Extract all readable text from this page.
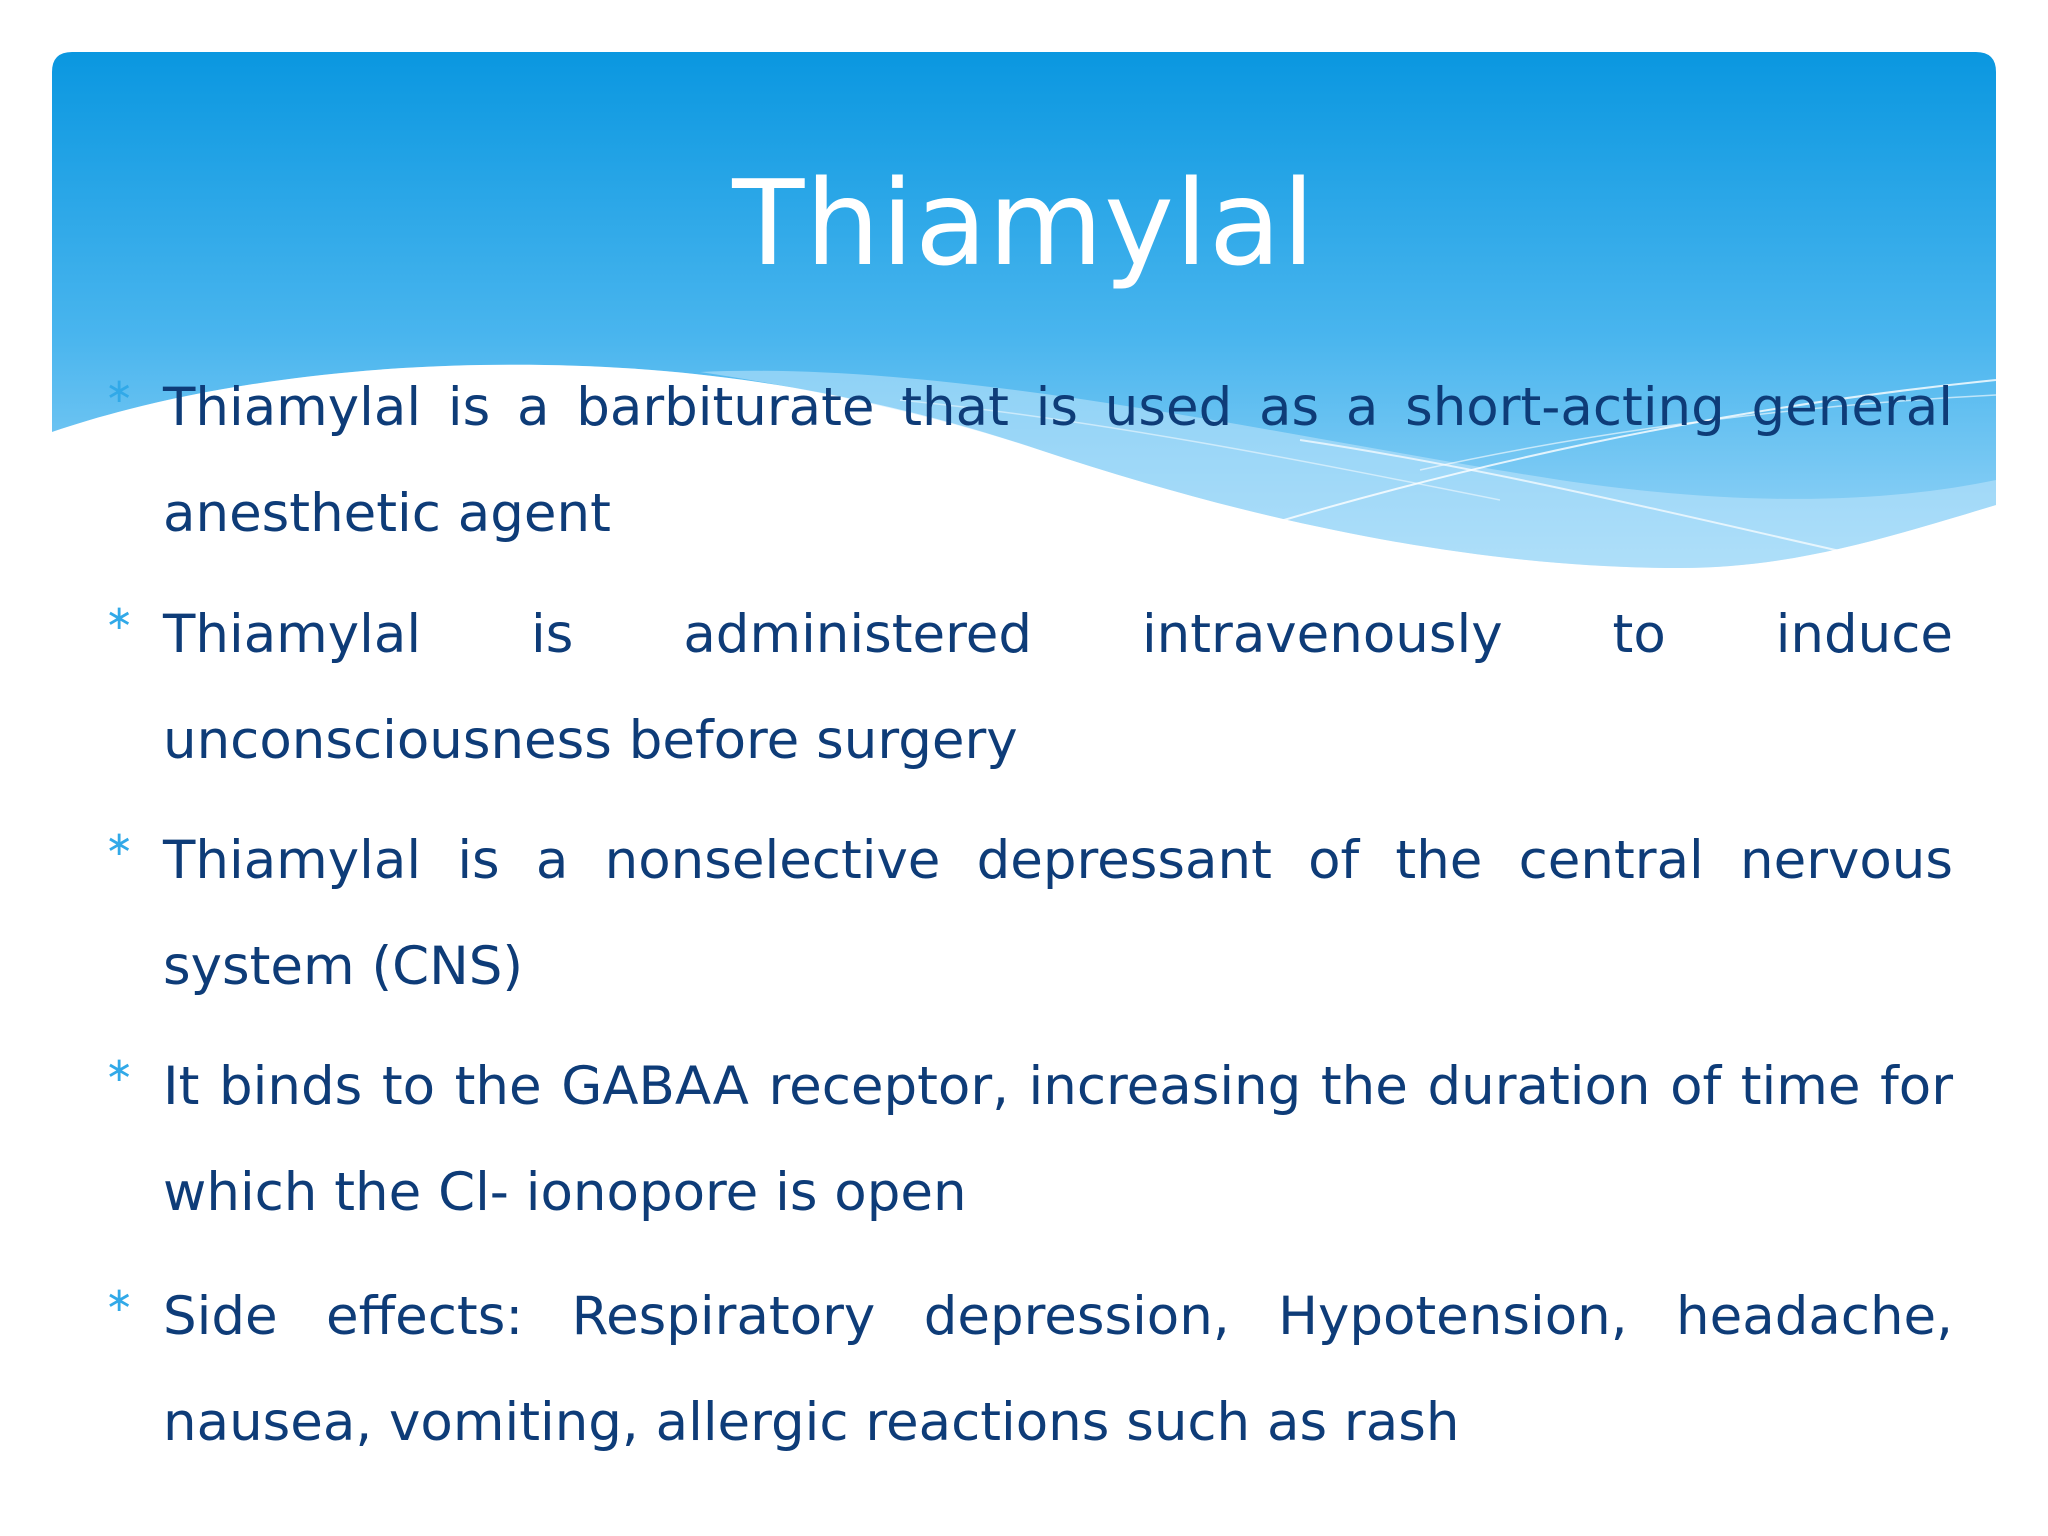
Thiamylal
∗ Thiamylal is a barbiturate that is used as a short-acting general anesthetic agent
∗ Thiamylal is administered intravenously to induce unconsciousness before surgery
∗ Thiamylal is a nonselective depressant of the central nervous system (CNS)
∗ It binds to the GABAA receptor, increasing the duration of time for which the Cl- ionopore is open
∗ Side effects: Respiratory depression, Hypotension, headache, nausea, vomiting, allergic reactions such as rash
